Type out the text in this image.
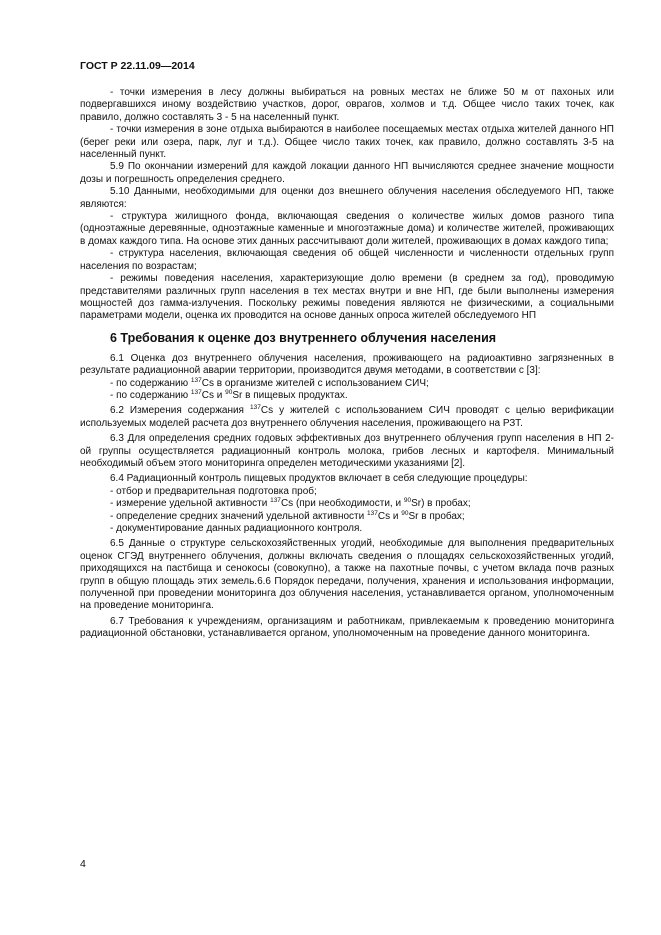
ГОСТ Р 22.11.09—2014

- точки измерения в лесу должны выбираться на ровных местах не ближе 50 м от пахоных или подвергавшихся иному воздействию участков, дорог, оврагов, холмов и т.д. Общее число таких точек, как правило, должно составлять 3 - 5 на населенный пункт.

- точки измерения в зоне отдыха выбираются в наиболее посещаемых местах отдыха жителей данного НП (берег реки или озера, парк, луг и т.д.). Общее число таких точек, как правило, должно составлять 3-5 на населенный пункт.

5.9 По окончании измерений для каждой локации данного НП вычисляются среднее значение мощности дозы и погрешность определения среднего.

5.10 Данными, необходимыми для оценки доз внешнего облучения населения обследуемого НП, также являются:

- структура жилищного фонда, включающая сведения о количестве жилых домов разного типа (одноэтажные деревянные, одноэтажные каменные и многоэтажные дома) и количестве жителей, проживающих в домах каждого типа. На основе этих данных рассчитывают доли жителей, проживающих в домах каждого типа;

- структура населения, включающая сведения об общей численности и численности отдельных групп населения по возрастам;

- режимы поведения населения, характеризующие долю времени (в среднем за год), проводимую представителями различных групп населения в тех местах внутри и вне НП, где были выполнены измерения мощностей доз гамма-излучения. Поскольку режимы поведения являются не физическими, а социальными параметрами модели, оценка их проводится на основе данных опроса жителей обследуемого НП

6 Требования к оценке доз внутреннего облучения населения

6.1 Оценка доз внутреннего облучения населения, проживающего на радиоактивно загрязненных в результате радиационной аварии территории, производится двумя методами, в соответствии с [3]:

- по содержанию $^{137}$Cs в организме жителей с использованием СИЧ;

- по содержанию $^{137}$Cs и $^{90}$Sr в пищевых продуктах.

6.2 Измерения содержания $^{137}$Cs у жителей с использованием СИЧ проводят с целью верификации используемых моделей расчета доз внутреннего облучения населения, проживающего на РЗТ.

6.3 Для определения средних годовых эффективных доз внутреннего облучения групп населения в НП 2-ой группы осуществляется радиационный контроль молока, грибов лесных и картофеля. Минимальный необходимый объем этого мониторинга определен методическими указаниями [2].

6.4 Радиационный контроль пищевых продуктов включает в себя следующие процедуры:

- отбор и предварительная подготовка проб;

- измерение удельной активности $^{137}$Cs (при необходимости, и $^{90}$Sr) в пробах;

- определение средних значений удельной активности $^{137}$Cs и $^{90}$Sr в пробах;

- документирование данных радиационного контроля.

6.5 Данные о структуре сельскохозяйственных угодий, необходимые для выполнения предварительных оценок СГЭД внутреннего облучения, должны включать сведения о площадях сельскохозяйственных угодий, приходящихся на пастбища и сенокосы (совокупно), а также на пахотные почвы, с учетом вклада почв разных групп в общую площадь этих земель.6.6 Порядок передачи, получения, хранения и использования информации, полученной при проведении мониторинга доз облучения населения, устанавливается органом, уполномоченным на проведение мониторинга.

6.7 Требования к учреждениям, организациям и работникам, привлекаемым к проведению мониторинга радиационной обстановки, устанавливается органом, уполномоченным на проведение данного мониторинга.

4
